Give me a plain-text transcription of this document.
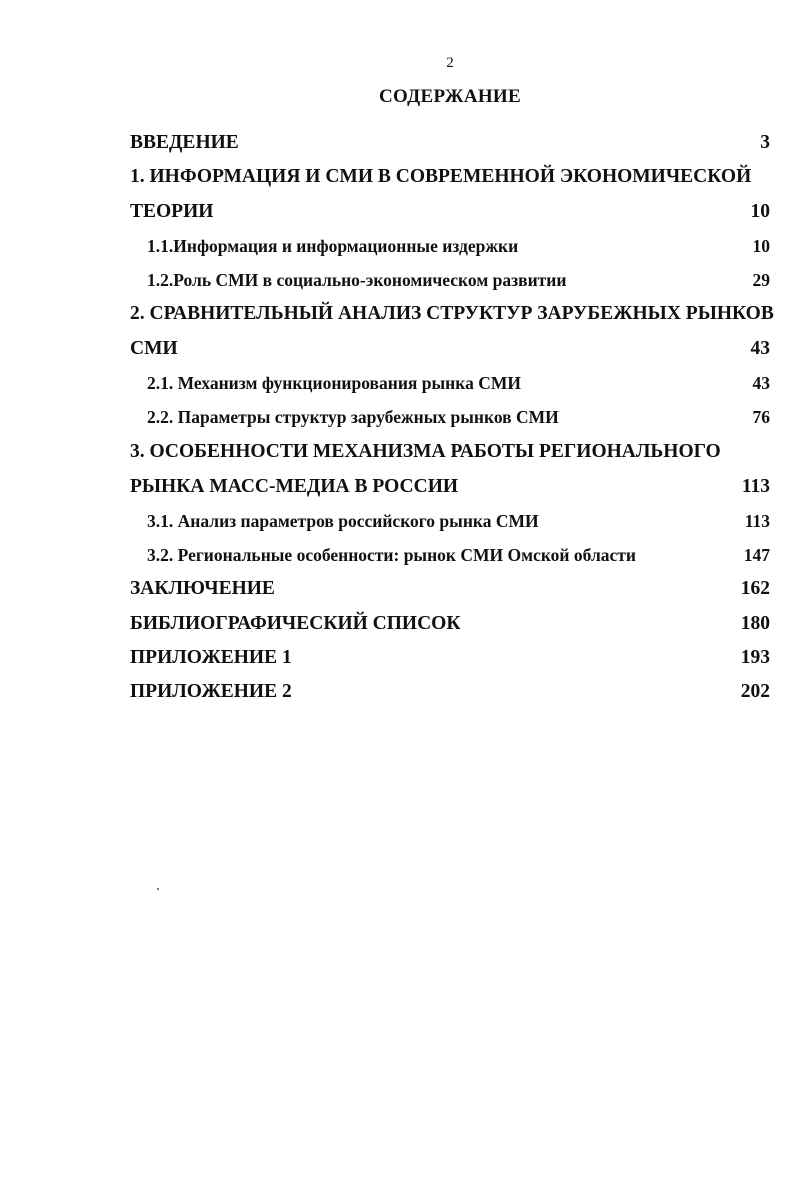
2
СОДЕРЖАНИЕ
ВВЕДЕНИЕ	3
1. ИНФОРМАЦИЯ И СМИ В СОВРЕМЕННОЙ ЭКОНОМИЧЕСКОЙ
ТЕОРИИ	10
1.1.Информация и информационные издержки	10
1.2.Роль СМИ в социально-экономическом развитии	29
2. СРАВНИТЕЛЬНЫЙ АНАЛИЗ СТРУКТУР ЗАРУБЕЖНЫХ РЫНКОВ
СМИ	43
2.1. Механизм функционирования рынка СМИ	43
2.2. Параметры структур зарубежных рынков СМИ	76
3. ОСОБЕННОСТИ МЕХАНИЗМА РАБОТЫ РЕГИОНАЛЬНОГО
РЫНКА МАСС-МЕДИА В РОССИИ	113
3.1. Анализ параметров российского рынка СМИ	113
3.2. Региональные особенности: рынок СМИ Омской области	147
ЗАКЛЮЧЕНИЕ	162
БИБЛИОГРАФИЧЕСКИЙ СПИСОК	180
ПРИЛОЖЕНИЕ 1	193
ПРИЛОЖЕНИЕ 2	202
